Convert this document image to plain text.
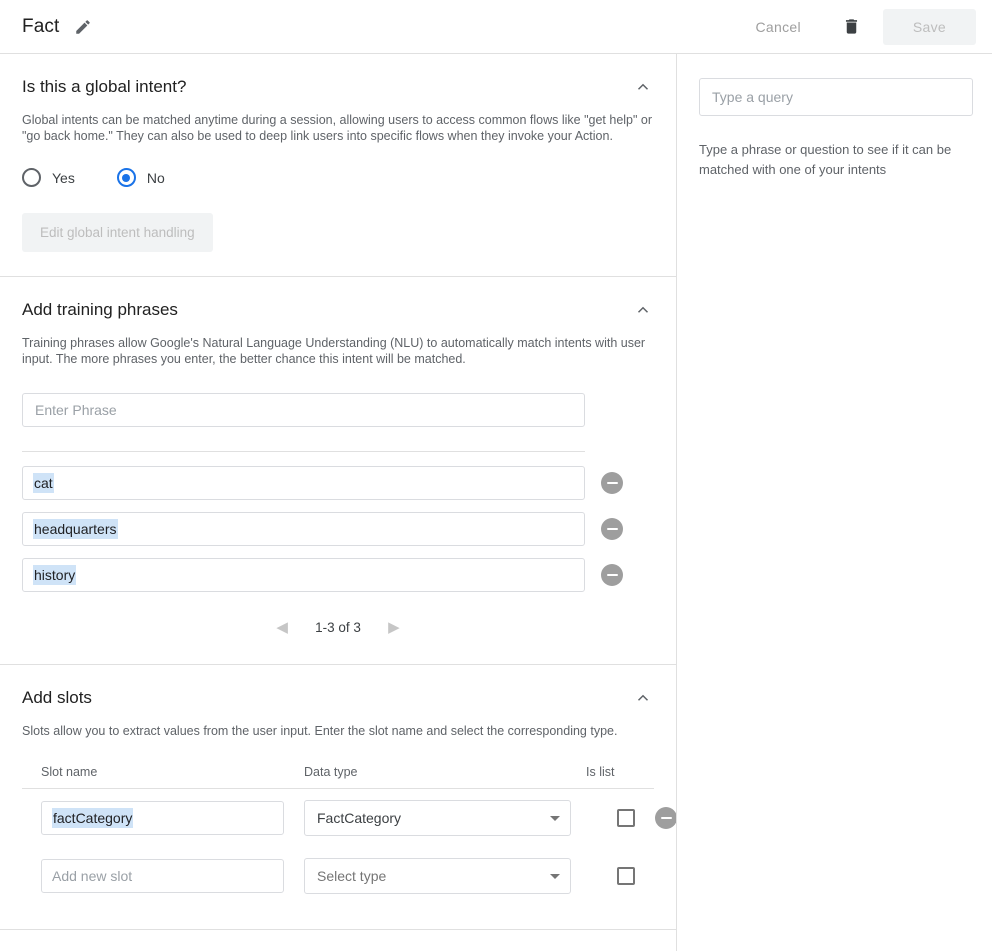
Fact	Cancel	Save
Is this a global intent?
Global intents can be matched anytime during a session, allowing users to access common flows like "get help" or "go back home." They can also be used to deep link users into specific flows when they invoke your Action.
Yes	No
Edit global intent handling
Add training phrases
Training phrases allow Google's Natural Language Understanding (NLU) to automatically match intents with user input. The more phrases you enter, the better chance this intent will be matched.
Enter Phrase
cat
headquarters
history
◀	1-3 of 3	▶
Add slots
Slots allow you to extract values from the user input. Enter the slot name and select the corresponding type.
Slot name	Data type	Is list
factCategory	FactCategory
Add new slot	Select type
Type a query
Type a phrase or question to see if it can be matched with one of your intents
